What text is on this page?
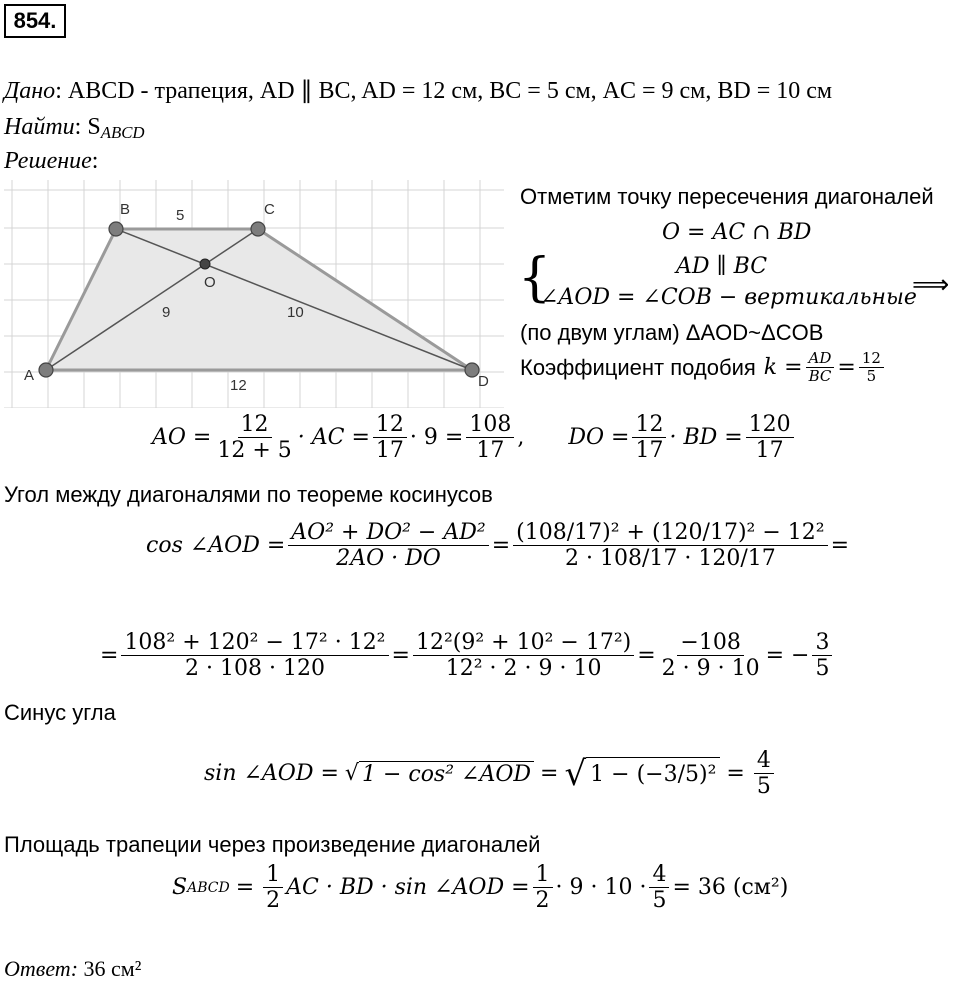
854.
Дано: ABCD - трапеция, AD ∥ BC, AD = 12 см, BC = 5 см, AC = 9 см, BD = 10 см
Найти: $S_{ABCD}$
Решение:
A
B	C
D
O
5
9	10
12
Отметим точку пересечения диагоналей
O = AC ∩ BD
{	AD ∥ BC
∠AOD = ∠COB − вертикальные
⟹
(по двум углам) ΔAOD~ΔCOB
Коэффициент подобия $k = \frac{AD}{BC} = \frac{12}{5}$
AO = $\frac{12}{12 + 5}$ · AC = $\frac{12}{17} \cdot 9 = \frac{108}{17}$ , DO = $\frac{12}{17}$ · BD = $\frac{120}{17}$
Угол между диагоналями по теореме косинусов
cos ∠AOD = $\frac{\text{AO² + DO² − AD²}}{2AO \cdot DO} = \frac{\text{(108/17)² + (120/17)² − 12²}}{2 \cdot 108/17 \cdot 120/17}$ =
= $\frac{\text{108² + 120² − 17² · 12²}}{2 \cdot 108 \cdot 120} = \frac{\text{12²(9² + 10² − 17²)}}{\text{12² · 2 · 9 · 10}} = \frac{-108}{2 \cdot 9 \cdot 10}$ = − $\frac{3}{5}$
Синус угла
sin ∠AOD = √ 1 − cos² ∠AOD = √ $1 - (-3/5)^2 = \frac{4}{5}$
Площадь трапеции через произведение диагоналей
S ABCD = $\frac{1}{2}$ AC · BD · sin ∠AOD = $\frac{1}{2} \cdot 9 \cdot 10 \cdot \frac{4}{5} = 36$ (см²)
Ответ: 36 см²
